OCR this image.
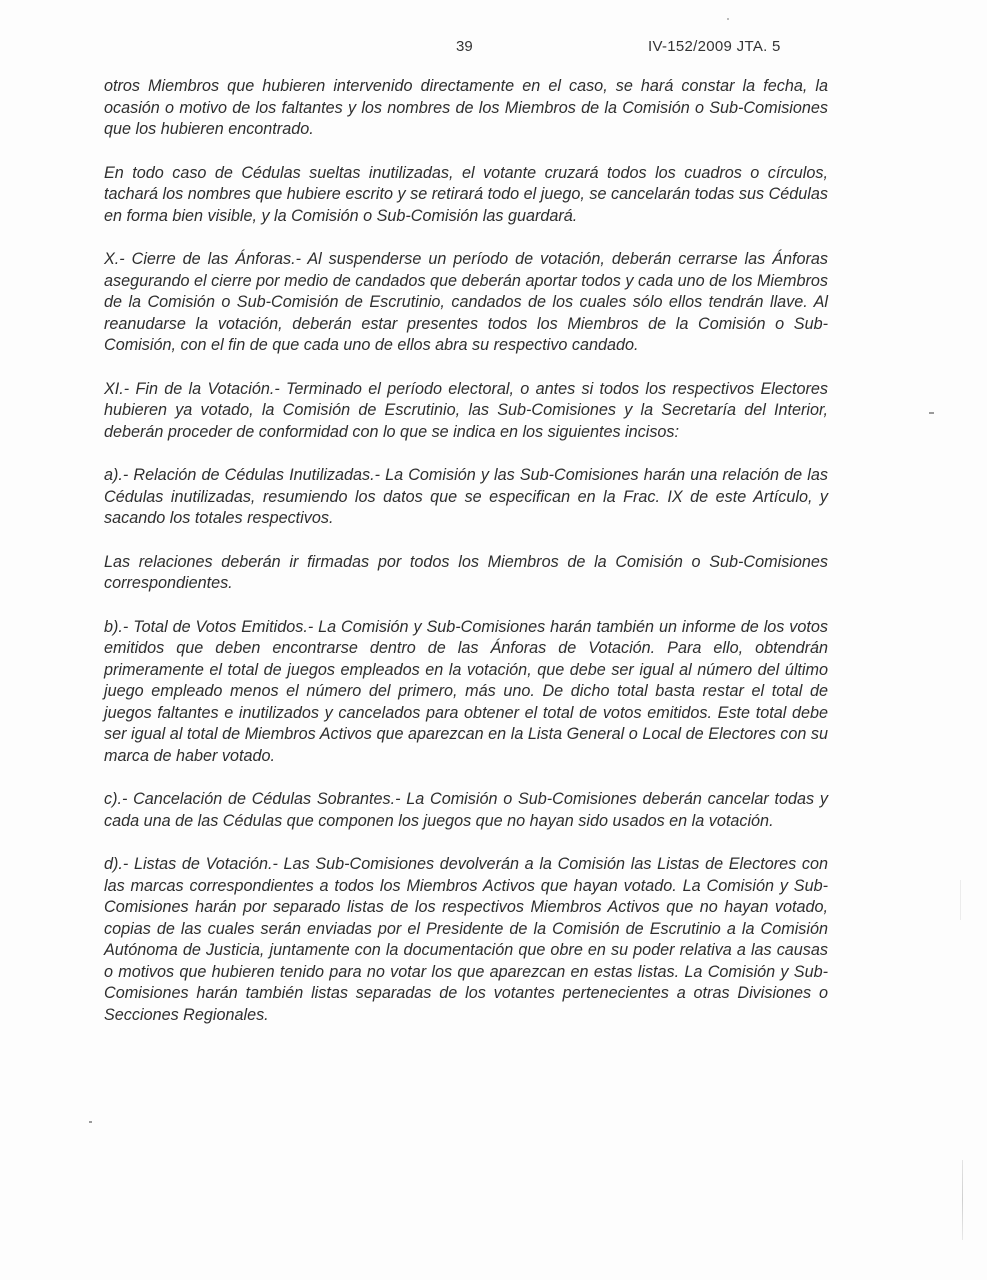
39	IV-152/2009 JTA. 5

otros Miembros que hubieren intervenido directamente en el caso, se hará constar la fecha, la ocasión o motivo de los faltantes y los nombres de los Miembros de la Comisión o Sub-Comisiones que los hubieren encontrado.

En todo caso de Cédulas sueltas inutilizadas, el votante cruzará todos los cuadros o círculos, tachará los nombres que hubiere escrito y se retirará todo el juego, se cancelarán todas sus Cédulas en forma bien visible, y la Comisión o Sub-Comisión las guardará.

X.- Cierre de las Ánforas.- Al suspenderse un período de votación, deberán cerrarse las Ánforas asegurando el cierre por medio de candados que deberán aportar todos y cada uno de los Miembros de la Comisión o Sub-Comisión de Escrutinio, candados de los cuales sólo ellos tendrán llave. Al reanudarse la votación, deberán estar presentes todos los Miembros de la Comisión o Sub-Comisión, con el fin de que cada uno de ellos abra su respectivo candado.

XI.- Fin de la Votación.- Terminado el período electoral, o antes si todos los respectivos Electores hubieren ya votado, la Comisión de Escrutinio, las Sub-Comisiones y la Secretaría del Interior, deberán proceder de conformidad con lo que se indica en los siguientes incisos:

a).- Relación de Cédulas Inutilizadas.- La Comisión y las Sub-Comisiones harán una relación de las Cédulas inutilizadas, resumiendo los datos que se especifican en la Frac. IX de este Artículo, y sacando los totales respectivos.

Las relaciones deberán ir firmadas por todos los Miembros de la Comisión o Sub-Comisiones correspondientes.

b).- Total de Votos Emitidos.- La Comisión y Sub-Comisiones harán también un informe de los votos emitidos que deben encontrarse dentro de las Ánforas de Votación. Para ello, obtendrán primeramente el total de juegos empleados en la votación, que debe ser igual al número del último juego empleado menos el número del primero, más uno. De dicho total basta restar el total de juegos faltantes e inutilizados y cancelados para obtener el total de votos emitidos. Este total debe ser igual al total de Miembros Activos que aparezcan en la Lista General o Local de Electores con su marca de haber votado.

c).- Cancelación de Cédulas Sobrantes.- La Comisión o Sub-Comisiones deberán cancelar todas y cada una de las Cédulas que componen los juegos que no hayan sido usados en la votación.

d).- Listas de Votación.- Las Sub-Comisiones devolverán a la Comisión las Listas de Electores con las marcas correspondientes a todos los Miembros Activos que hayan votado. La Comisión y Sub-Comisiones harán por separado listas de los respectivos Miembros Activos que no hayan votado, copias de las cuales serán enviadas por el Presidente de la Comisión de Escrutinio a la Comisión Autónoma de Justicia, juntamente con la documentación que obre en su poder relativa a las causas o motivos que hubieren tenido para no votar los que aparezcan en estas listas. La Comisión y Sub-Comisiones harán también listas separadas de los votantes pertenecientes a otras Divisiones o Secciones Regionales.
